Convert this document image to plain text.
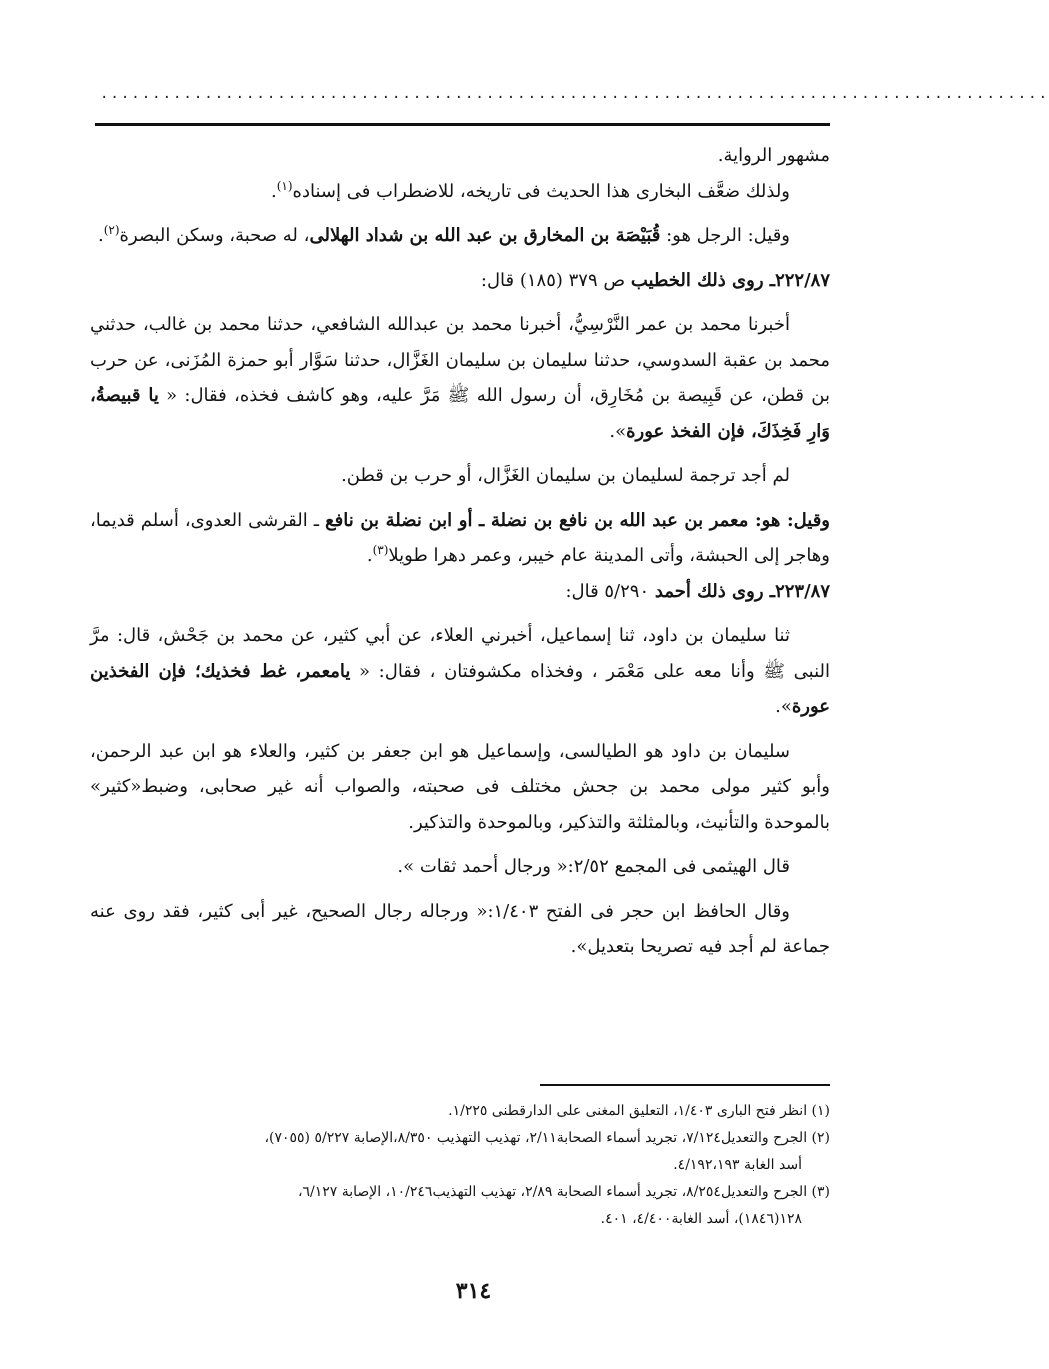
...........................................................................................

مشهور الرواية.

ولذلك ضعَّف البخارى هذا الحديث فى تاريخه، للاضطراب فى إسناده$^{(١)}$.

وقيل: الرجل هو: قُبَيْصَة بن المخارق بن عبد الله بن شداد الهلالى، له صحبة، وسكن البصرة$^{(٢)}$.

٢٢٢/٨٧ـ روى ذلك الخطيب ص ٣٧٩ (١٨٥) قال:

أخبرنا محمد بن عمر النَّرْسِيُّ، أخبرنا محمد بن عبدالله الشافعي، حدثنا محمد بن غالب، حدثني محمد بن عقبة السدوسي، حدثنا سليمان بن سليمان الغَزَّال، حدثنا سَوَّار أبو حمزة المُزَنى، عن حرب بن قطن، عن قَبِيصة بن مُخَارِق، أن رسول الله ﷺ مَرَّ عليه، وهو كاشف فخذه، فقال: « يا قبيصةُ، وَارِ فَخِذَكَ، فإن الفخذ عورة».

لم أجد ترجمة لسليمان بن سليمان الغَزَّال، أو حرب بن قطن.

وقيل: هو: معمر بن عبد الله بن نافع بن نضلة ـ أو ابن نضلة بن نافع ـ القرشى العدوى، أسلم قديما، وهاجر إلى الحبشة، وأتى المدينة عام خيبر، وعمر دهرا طويلا$^{(٣)}$.

٢٢٣/٨٧ـ روى ذلك أحمد ٥/٢٩٠ قال:

ثنا سليمان بن داود، ثنا إسماعيل، أخبرني العلاء، عن أبي كثير، عن محمد بن جَحْش، قال: مرَّ النبى ﷺ وأنا معه على مَعْمَر ، وفخذاه مكشوفتان ، فقال: « يامعمر، غط فخذيك؛ فإن الفخذين عورة».

سليمان بن داود هو الطيالسى، وإسماعيل هو ابن جعفر بن كثير، والعلاء هو ابن عبد الرحمن، وأبو كثير مولى محمد بن جحش مختلف فى صحبته، والصواب أنه غير صحابى، وضبط«كثير» بالموحدة والتأنيث، وبالمثلثة والتذكير، وبالموحدة والتذكير.

قال الهيثمى فى المجمع ٢/٥٢:« ورجال أحمد ثقات ».

وقال الحافظ ابن حجر فى الفتح ١/٤٠٣:« ورجاله رجال الصحيح، غير أبى كثير، فقد روى عنه جماعة لم أجد فيه تصريحا بتعديل».

(١) انظر فتح البارى ١/٤٠٣، التعليق المغنى على الدارقطنى ١/٢٢٥.

(٢) الجرح والتعديل٧/١٢٤، تجريد أسماء الصحابة٢/١١، تهذيب التهذيب ٨/٣٥٠،الإصابة ٥/٢٢٧ (٧٠٥٥)،

أسد الغابة ٤/١٩٢،١٩٣.

(٣) الجرح والتعديل٨/٢٥٤، تجريد أسماء الصحابة ٢/٨٩، تهذيب التهذيب١٠/٢٤٦، الإصابة ٦/١٢٧،

١٢٨(١٨٤٦)، أسد الغابة٤/٤٠٠، ٤٠١.

٣١٤
